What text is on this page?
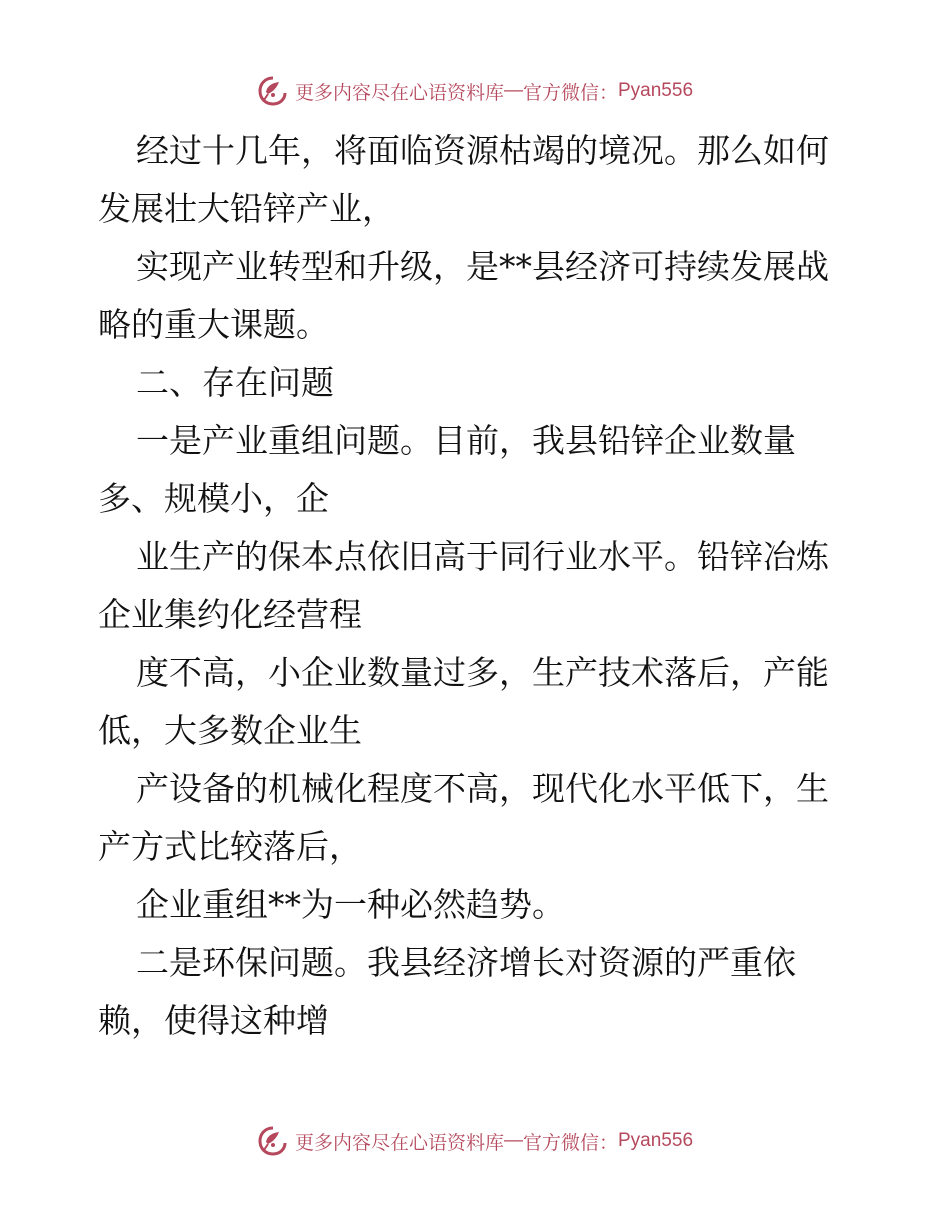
更多内容尽在心语资料库 — 官方微信： Pyan556
经过十几年，将面临资源枯竭的境况。那么如何
发展壮大铅锌产业，
实现产业转型和升级，是**县经济可持续发展战
略的重大课题。
二、存在问题
一是产业重组问题。目前，我县铅锌企业数量
多、规模小，企
业生产的保本点依旧高于同行业水平。铅锌冶炼
企业集约化经营程
度不高，小企业数量过多，生产技术落后，产能
低，大多数企业生
产设备的机械化程度不高，现代化水平低下，生
产方式比较落后，
企业重组**为一种必然趋势。
二是环保问题。我县经济增长对资源的严重依
赖，使得这种增
更多内容尽在心语资料库 — 官方微信： Pyan556
